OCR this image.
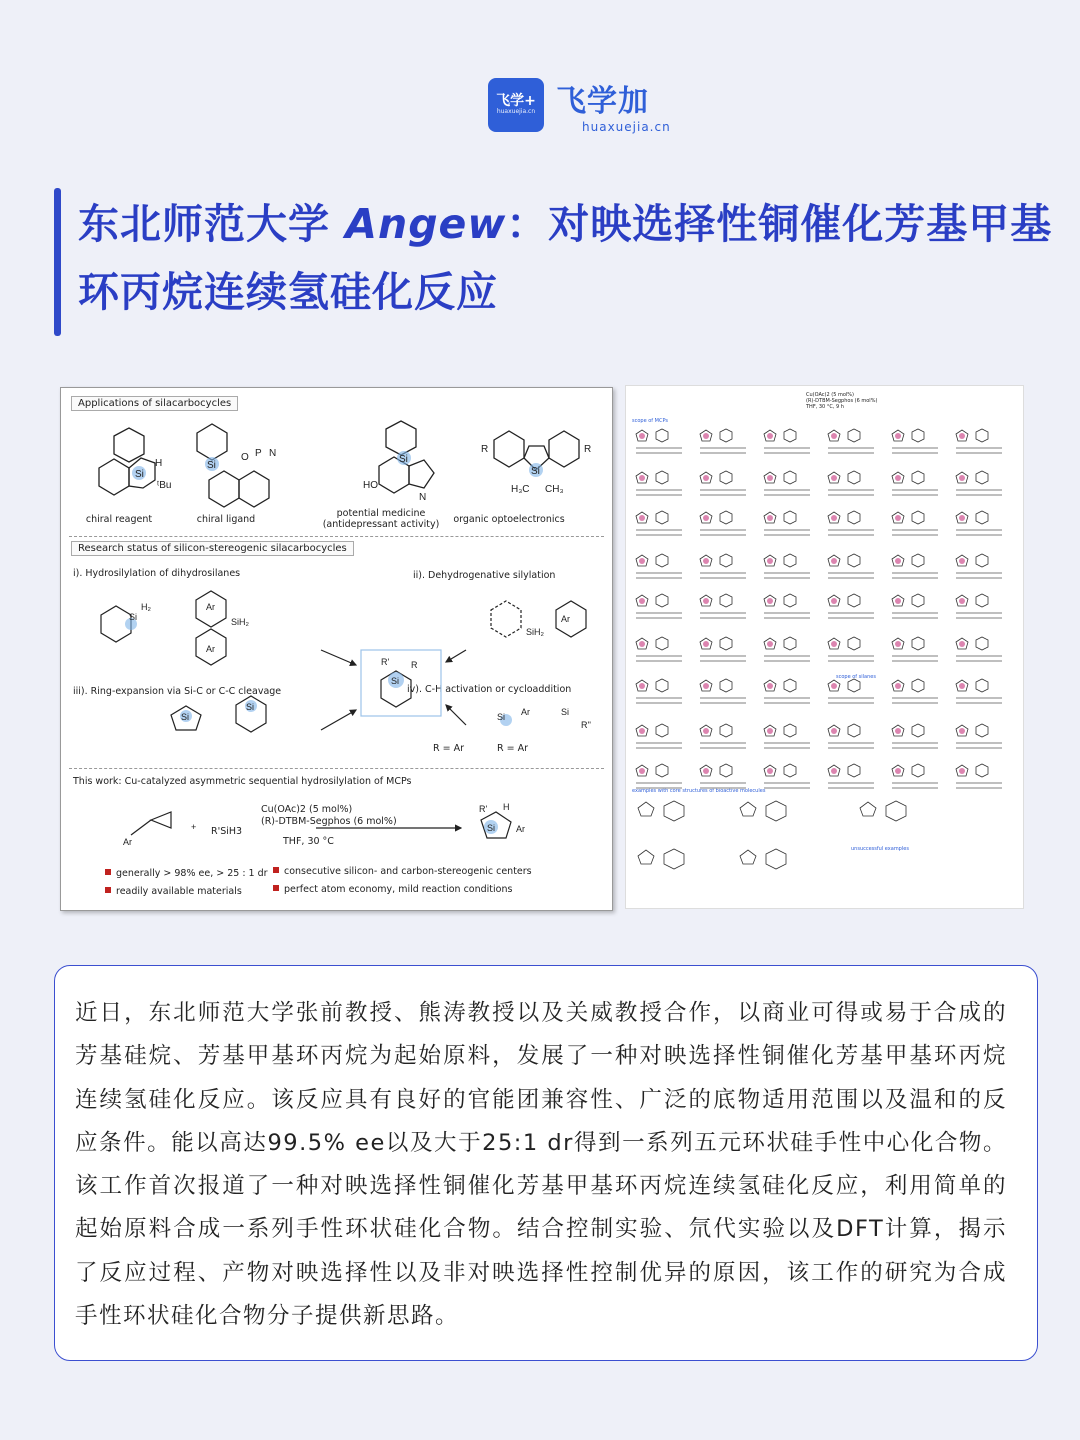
飞学+
huaxuejia.cn 飞学加
huaxuejia.cn
东北师范大学 Angew：对映选择性铜催化芳基甲基环丙烷连续氢硅化反应
Applications of silacarbocycles
Si
H
ᵗBu
Si
O P N
Si
HO
N
Si
R	R
H₃C CH₃
chiral reagent	chiral ligand
potential medicine (antidepressant activity)	organic optoelectronics
Research status of silicon-stereogenic silacarbocycles
i). Hydrosilylation of dihydrosilanes	ii). Dehydrogenative silylation
iii). Ring-expansion via Si-C or C-C cleavage	iv). C-H activation or cycloaddition
Si
H₂	Ar
Ar
SiH₂
Si
R' R
SiH₂
Ar
Si
Si
Si Ar	Si
R''
R = Ar	R = Ar
This work: Cu-catalyzed asymmetric sequential hydrosilylation of MCPs
Ar
+	Si Ar
R' H
R'SiH3
Cu(OAc)2 (5 mol%)
(R)-DTBM-Segphos (6 mol%)
THF, 30 °C
generally > 98% ee, > 25 : 1 dr	consecutive silicon- and carbon-stereogenic centers
readily available materials	perfect atom economy, mild reaction conditions
Cu(OAc)2 (5 mol%)
(R)-DTBM-Segphos (6 mol%)
THF, 30 °C, 9 h
scope of MCPs
scope of silanes
examples with core structures of bioactive molecules
unsuccessful examples

近日，东北师范大学张前教授、熊涛教授以及关威教授合作，以商业可得或易于合成的芳基硅烷、芳基甲基环丙烷为起始原料，发展了一种对映选择性铜催化芳基甲基环丙烷连续氢硅化反应。该反应具有良好的官能团兼容性、广泛的底物适用范围以及温和的反应条件。能以高达99.5% ee以及大于25:1 dr得到一系列五元环状硅手性中心化合物。该工作首次报道了一种对映选择性铜催化芳基甲基环丙烷连续氢硅化反应，利用简单的起始原料合成一系列手性环状硅化合物。结合控制实验、氘代实验以及DFT计算，揭示了反应过程、产物对映选择性以及非对映选择性控制优异的原因，该工作的研究为合成手性环状硅化合物分子提供新思路。
